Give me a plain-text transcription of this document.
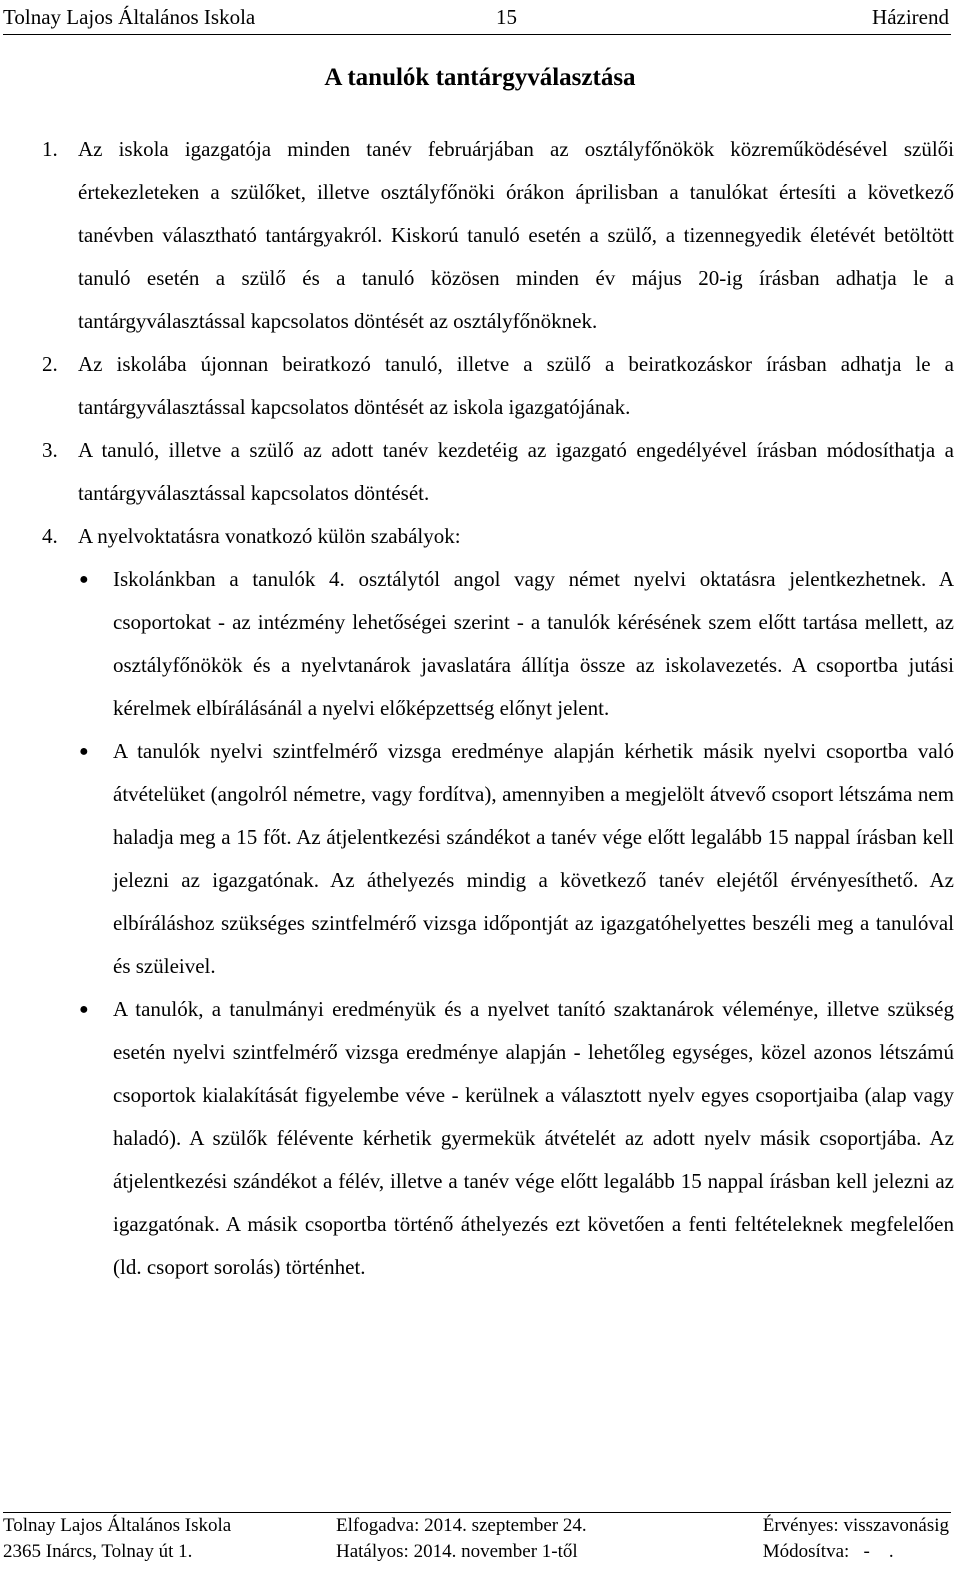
Tolnay Lajos Általános Iskola	15	Házirend
A tanulók tantárgyválasztása
1. Az iskola igazgatója minden tanév februárjában az osztályfőnökök közreműködésével szülői értekezleteken a szülőket, illetve osztályfőnöki órákon áprilisban a tanulókat értesíti a következő tanévben választható tantárgyakról. Kiskorú tanuló esetén a szülő, a tizennegyedik életévét betöltött tanuló esetén a szülő és a tanuló közösen minden év május 20-ig írásban adhatja le a tantárgyválasztással kapcsolatos döntését az osztályfőnöknek.

2. Az iskolába újonnan beiratkozó tanuló, illetve a szülő a beiratkozáskor írásban adhatja le a tantárgyválasztással kapcsolatos döntését az iskola igazgatójának.

3. A tanuló, illetve a szülő az adott tanév kezdetéig az igazgató engedélyével írásban módosíthatja a tantárgyválasztással kapcsolatos döntését.

4. A nyelvoktatásra vonatkozó külön szabályok:

● Iskolánkban a tanulók 4. osztálytól angol vagy német nyelvi oktatásra jelentkezhetnek. A csoportokat - az intézmény lehetőségei szerint - a tanulók kérésének szem előtt tartása mellett, az osztályfőnökök és a nyelvtanárok javaslatára állítja össze az iskolavezetés. A csoportba jutási kérelmek elbírálásánál a nyelvi előképzettség előnyt jelent.

● A tanulók nyelvi szintfelmérő vizsga eredménye alapján kérhetik másik nyelvi csoportba való átvételüket (angolról németre, vagy fordítva), amennyiben a megjelölt átvevő csoport létszáma nem haladja meg a 15 főt. Az átjelentkezési szándékot a tanév vége előtt legalább 15 nappal írásban kell jelezni az igazgatónak. Az áthelyezés mindig a következő tanév elejétől érvényesíthető. Az elbíráláshoz szükséges szintfelmérő vizsga időpontját az igazgatóhelyettes beszéli meg a tanulóval és szüleivel.

● A tanulók, a tanulmányi eredményük és a nyelvet tanító szaktanárok véleménye, illetve szükség esetén nyelvi szintfelmérő vizsga eredménye alapján - lehetőleg egységes, közel azonos létszámú csoportok kialakítását figyelembe véve - kerülnek a választott nyelv egyes csoportjaiba (alap vagy haladó). A szülők félévente kérhetik gyermekük átvételét az adott nyelv másik csoportjába. Az átjelentkezési szándékot a félév, illetve a tanév vége előtt legalább 15 nappal írásban kell jelezni az igazgatónak. A másik csoportba történő áthelyezés ezt követően a fenti feltételeknek megfelelően (ld. csoport sorolás) történhet.

Tolnay Lajos Általános Iskola
2365 Inárcs, Tolnay út 1.
Elfogadva: 2014. szeptember 24.
Hatályos: 2014. november 1-től
Érvényes: visszavonásig
Módosítva:   -    .
